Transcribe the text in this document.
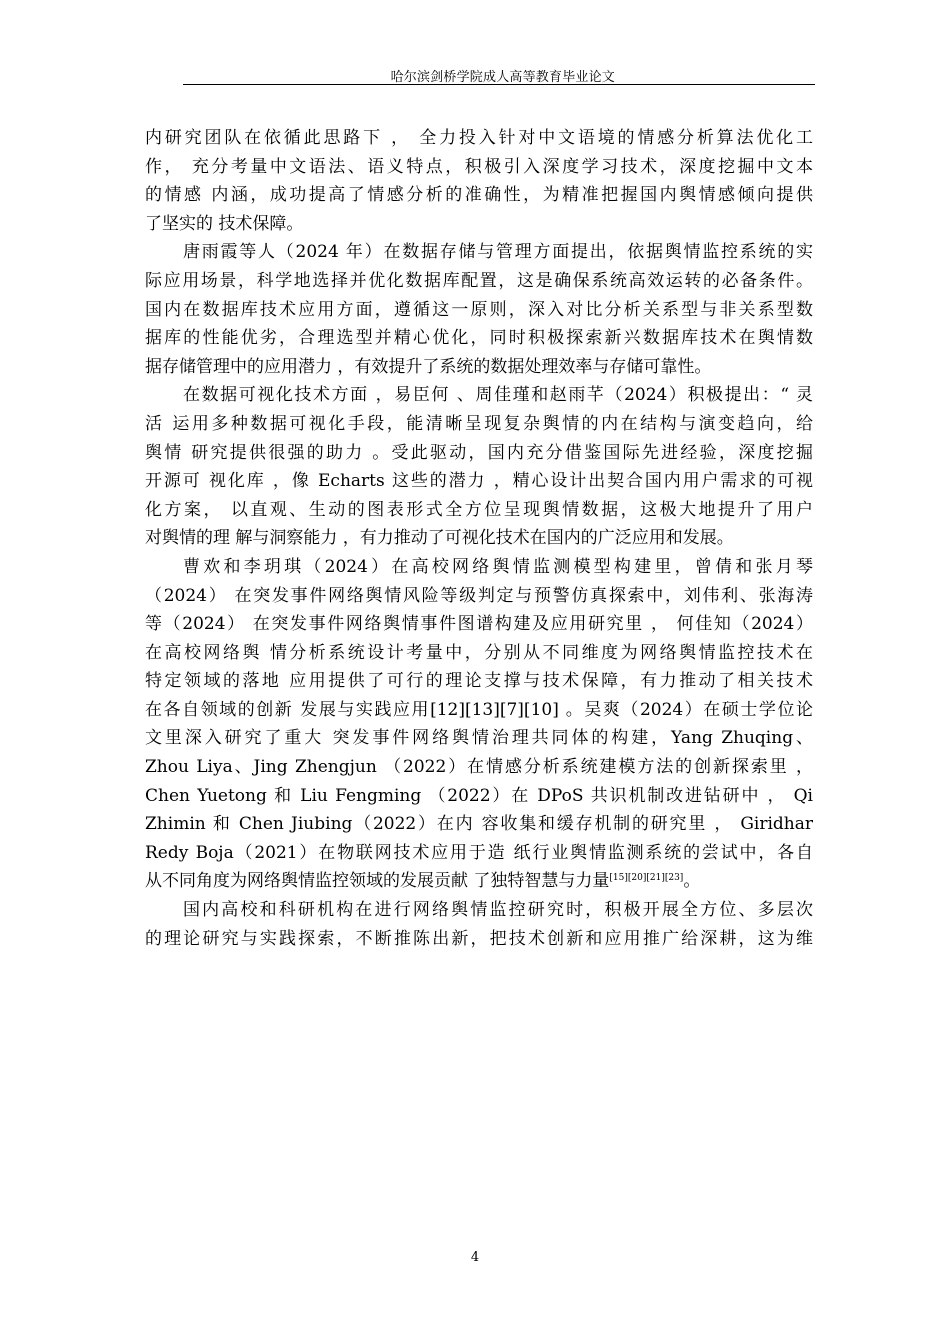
哈尔滨剑桥学院成人高等教育毕业论文
内研究团队在依循此思路下 ， 全力投入针对中文语境的情感分析算法优化工
作， 充分考量中文语法、语义特点，积极引入深度学习技术，深度挖掘中文本
的情感 内涵，成功提高了情感分析的准确性，为精准把握国内舆情感倾向提供
了坚实的 技术保障。
唐雨霞等人（2024 年）在数据存储与管理方面提出，依据舆情监控系统的实
际应用场景，科学地选择并优化数据库配置，这是确保系统高效运转的必备条件。
国内在数据库技术应用方面，遵循这一原则，深入对比分析关系型与非关系型数
据库的性能优劣，合理选型并精心优化，同时积极探索新兴数据库技术在舆情数
据存储管理中的应用潜力 ，有效提升了系统的数据处理效率与存储可靠性。
在数据可视化技术方面 ，易臣何 、周佳瑾和赵雨芊（2024）积极提出：“ 灵
活 运用多种数据可视化手段，能清晰呈现复杂舆情的内在结构与演变趋向，给
舆情 研究提供很强的助力 。受此驱动，国内充分借鉴国际先进经验，深度挖掘
开源可 视化库 ，像 Echarts 这些的潜力 ，精心设计出契合国内用户需求的可视
化方案， 以直观、生动的图表形式全方位呈现舆情数据，这极大地提升了用户
对舆情的理 解与洞察能力 ，有力推动了可视化技术在国内的广泛应用和发展。
曹欢和李玥琪（2024）在高校网络舆情监测模型构建里，曾倩和张月琴
（2024） 在突发事件网络舆情风险等级判定与预警仿真探索中，刘伟利、张海涛
等（2024） 在突发事件网络舆情事件图谱构建及应用研究里 ， 何佳知（2024）
在高校网络舆 情分析系统设计考量中，分别从不同维度为网络舆情监控技术在
特定领域的落地 应用提供了可行的理论支撑与技术保障，有力推动了相关技术
在各自领域的创新 发展与实践应用[12][13][7][10] 。吴爽（2024）在硕士学位论
文里深入研究了重大 突发事件网络舆情治理共同体的构建，Yang Zhuqing、
Zhou Liya、Jing Zhengjun （2022）在情感分析系统建模方法的创新探索里 ，
Chen Yuetong 和 Liu Fengming （2022）在 DPoS 共识机制改进钻研中 ， Qi
Zhimin 和 Chen Jiubing（2022）在内 容收集和缓存机制的研究里 ， Giridhar
Redy Boja（2021）在物联网技术应用于造 纸行业舆情监测系统的尝试中，各自
从不同角度为网络舆情监控领域的发展贡献 了独特智慧与力量[15][20][21][23]。
国内高校和科研机构在进行网络舆情监控研究时，积极开展全方位、多层次
的理论研究与实践探索，不断推陈出新，把技术创新和应用推广给深耕，这为维
4
